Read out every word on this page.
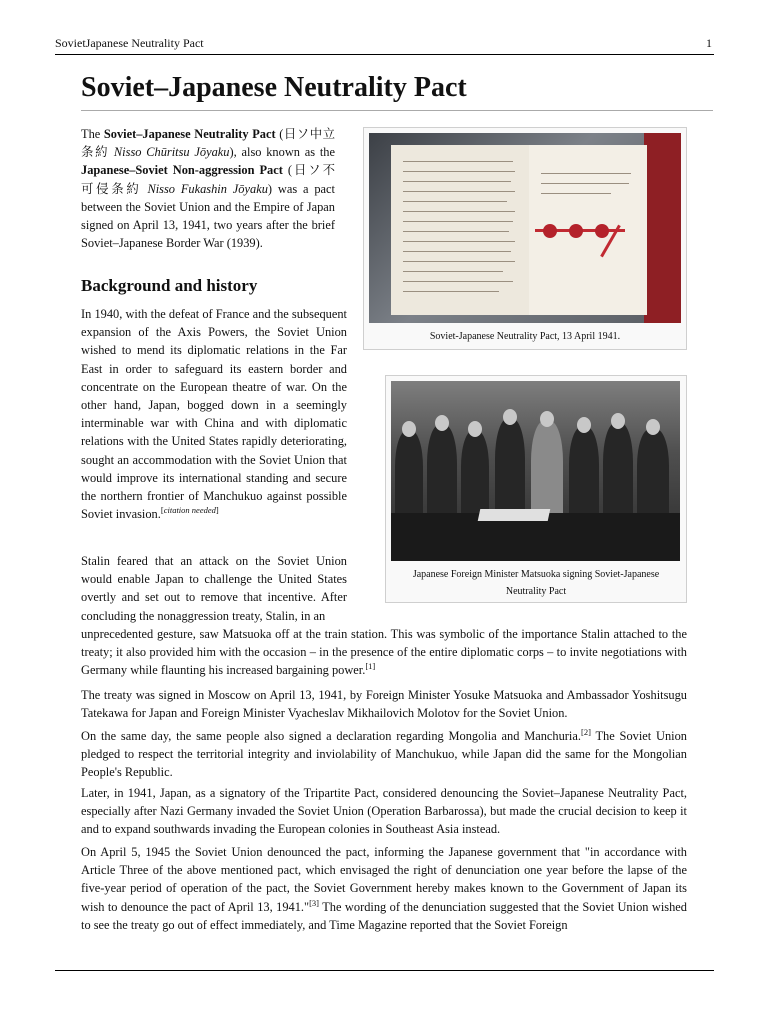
SovietJapanese Neutrality Pact	1
Soviet–Japanese Neutrality Pact

The Soviet–Japanese Neutrality Pact (日ソ中立条約 Nisso Chūritsu Jōyaku), also known as the Japanese–Soviet Non-aggression Pact (日ソ不可侵条約 Nisso Fukashin Jōyaku) was a pact between the Soviet Union and the Empire of Japan signed on April 13, 1941, two years after the brief Soviet–Japanese Border War (1939).

Background and history

In 1940, with the defeat of France and the subsequent expansion of the Axis Powers, the Soviet Union wished to mend its diplomatic relations in the Far East in order to safeguard its eastern border and concentrate on the European theatre of war. On the other hand, Japan, bogged down in a seemingly interminable war with China and with diplomatic relations with the United States rapidly deteriorating, sought an accommodation with the Soviet Union that would improve its international standing and secure the northern frontier of Manchukuo against possible Soviet invasion.[citation needed]

Stalin feared that an attack on the Soviet Union would enable Japan to challenge the United States overtly and set out to remove that incentive. After concluding the nonaggression treaty, Stalin, in an

unprecedented gesture, saw Matsuoka off at the train station. This was symbolic of the importance Stalin attached to the treaty; it also provided him with the occasion – in the presence of the entire diplomatic corps – to invite negotiations with Germany while flaunting his increased bargaining power.[1]

The treaty was signed in Moscow on April 13, 1941, by Foreign Minister Yosuke Matsuoka and Ambassador Yoshitsugu Tatekawa for Japan and Foreign Minister Vyacheslav Mikhailovich Molotov for the Soviet Union.

On the same day, the same people also signed a declaration regarding Mongolia and Manchuria.[2] The Soviet Union pledged to respect the territorial integrity and inviolability of Manchukuo, while Japan did the same for the Mongolian People's Republic.

Later, in 1941, Japan, as a signatory of the Tripartite Pact, considered denouncing the Soviet–Japanese Neutrality Pact, especially after Nazi Germany invaded the Soviet Union (Operation Barbarossa), but made the crucial decision to keep it and to expand southwards invading the European colonies in Southeast Asia instead.

On April 5, 1945 the Soviet Union denounced the pact, informing the Japanese government that "in accordance with Article Three of the above mentioned pact, which envisaged the right of denunciation one year before the lapse of the five-year period of operation of the pact, the Soviet Government hereby makes known to the Government of Japan its wish to denounce the pact of April 13, 1941."[3] The wording of the denunciation suggested that the Soviet Union wished to see the treaty go out of effect immediately, and Time Magazine reported that the Soviet Foreign

Soviet-Japanese Neutrality Pact, 13 April 1941.
Japanese Foreign Minister Matsuoka signing Soviet-Japanese Neutrality Pact
